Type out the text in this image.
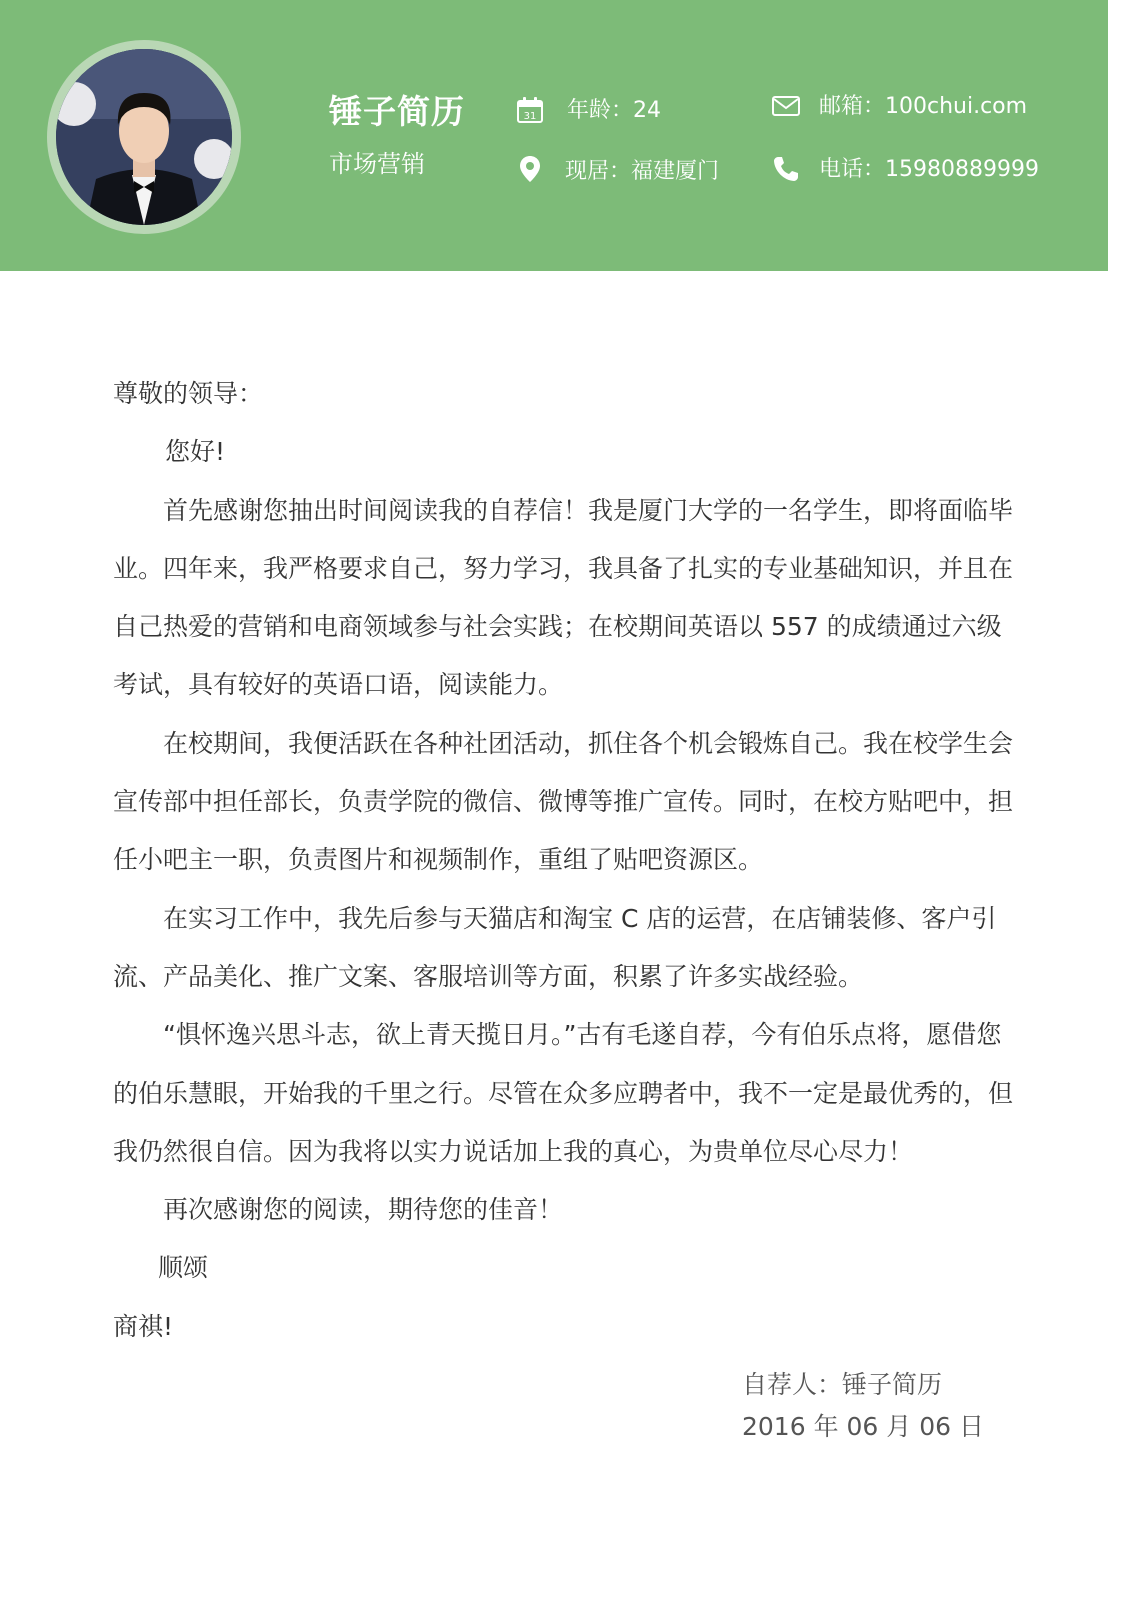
锤子简历
市场营销
31 年龄：24	邮箱：100chui.com
现居：福建厦门	电话：15980889999

尊敬的领导：

您好!

首先感谢您抽出时间阅读我的自荐信！我是厦门大学的一名学生，即将面临毕业。四年来，我严格要求自己，努力学习，我具备了扎实的专业基础知识，并且在自己热爱的营销和电商领域参与社会实践；在校期间英语以 557 的成绩通过六级考试，具有较好的英语口语，阅读能力。

在校期间，我便活跃在各种社团活动，抓住各个机会锻炼自己。我在校学生会宣传部中担任部长，负责学院的微信、微博等推广宣传。同时，在校方贴吧中，担任小吧主一职，负责图片和视频制作，重组了贴吧资源区。

在实习工作中，我先后参与天猫店和淘宝 C 店的运营，在店铺装修、客户引流、产品美化、推广文案、客服培训等方面，积累了许多实战经验。

“惧怀逸兴思斗志，欲上青天揽日月。”古有毛遂自荐，今有伯乐点将，愿借您的伯乐慧眼，开始我的千里之行。尽管在众多应聘者中，我不一定是最优秀的，但我仍然很自信。因为我将以实力说话加上我的真心，为贵单位尽心尽力！

再次感谢您的阅读，期待您的佳音！

顺颂

商祺!

自荐人：锤子简历
2016 年 06 月 06 日
